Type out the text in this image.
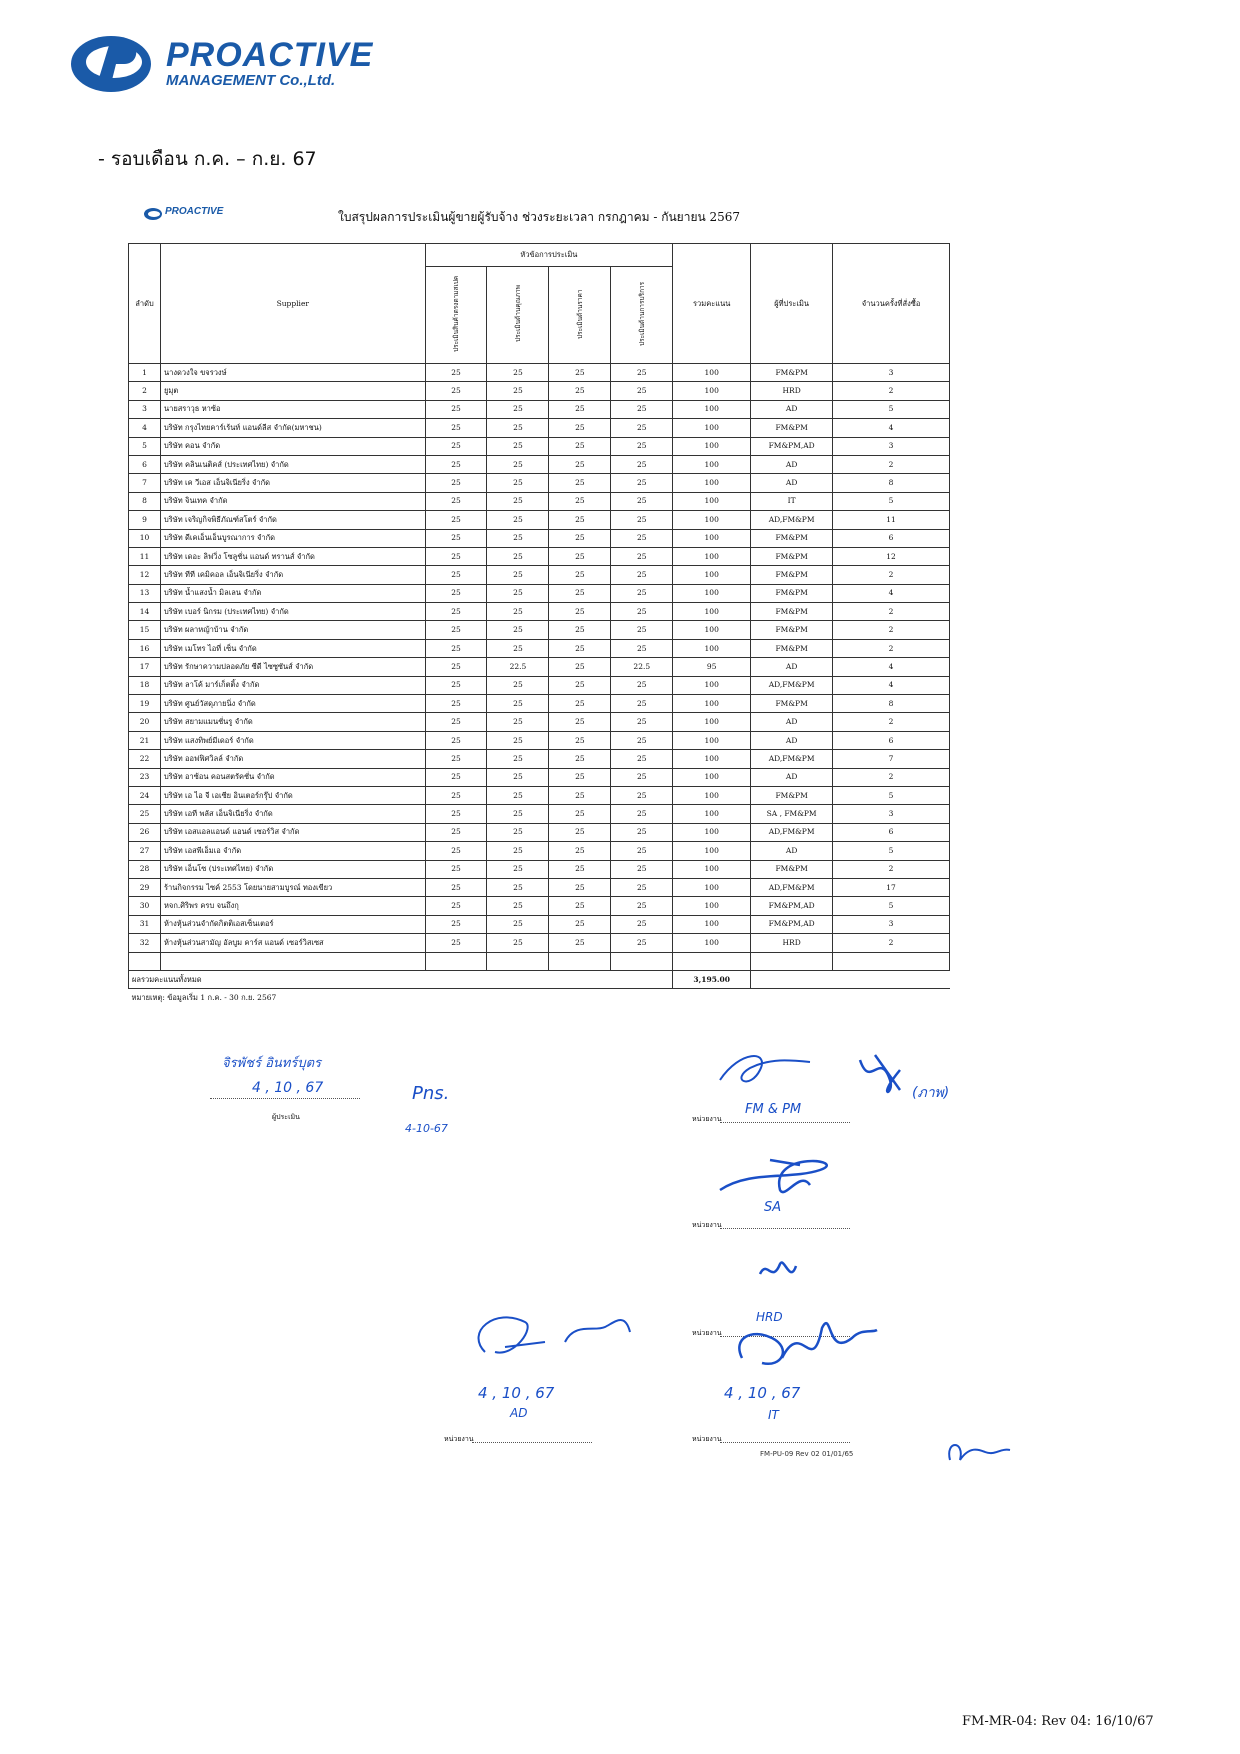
PROACTIVE
MANAGEMENT Co.,Ltd.
- รอบเดือน ก.ค. – ก.ย. 67
PROACTIVE	ใบสรุปผลการประเมินผู้ขายผู้รับจ้าง ช่วงระยะเวลา กรกฎาคม - กันยายน 2567
ลำดับ	Supplier	หัวข้อการประเมิน				รวมคะแนน	ผู้ที่ประเมิน	จำนวนครั้งที่สั่งซื้อ
		ประเมินสินค้าตรงตามสเปค	ประเมินด้านคุณภาพ	ประเมินด้านราคา	ประเมินด้านการบริการ			
1	นางดวงใจ ขจรวงษ์	25	25	25	25	100	FM&PM	3
2	ยูมุต	25	25	25	25	100	HRD	2
3	นายสราวุธ หาซ้อ	25	25	25	25	100	AD	5
4	บริษัท กรุงไทยคาร์เร้นท์ แอนด์ลีส จำกัด(มหาชน)	25	25	25	25	100	FM&PM	4
5	บริษัท คอน จำกัด	25	25	25	25	100	FM&PM,AD	3
6	บริษัท คลินเนติคส์ (ประเทศไทย) จำกัด	25	25	25	25	100	AD	2
7	บริษัท เค วีเอส เอ็นจิเนียริ่ง จำกัด	25	25	25	25	100	AD	8
8	บริษัท จินเทค จำกัด	25	25	25	25	100	IT	5
9	บริษัท เจริญกิจพิธีภัณฑ์สโตร์ จำกัด	25	25	25	25	100	AD,FM&PM	11
10	บริษัท ดีเคเอ็นเอ็นบูรณาการ จำกัด	25	25	25	25	100	FM&PM	6
11	บริษัท เดอะ ลิฟวิ่ง โซลูชั่น แอนด์ ทรานส์ จำกัด	25	25	25	25	100	FM&PM	12
12	บริษัท ทีที เคมิคอล เอ็นจิเนียริ่ง จำกัด	25	25	25	25	100	FM&PM	2
13	บริษัท น้ำแสงน้ำ มิลเลน จำกัด	25	25	25	25	100	FM&PM	4
14	บริษัท เบอร์ นิกรม (ประเทศไทย) จำกัด	25	25	25	25	100	FM&PM	2
15	บริษัท ผลาหญ้าบ้าน จำกัด	25	25	25	25	100	FM&PM	2
16	บริษัท เมโทร ไอที่ เซ็น จำกัด	25	25	25	25	100	FM&PM	2
17	บริษัท รักษาความปลอดภัย ซีดี ไซซูซันส์ จำกัด	25	22.5	25	22.5	95	AD	4
18	บริษัท ลาโค้ มาร์เก็ตติ้ง จำกัด	25	25	25	25	100	AD,FM&PM	4
19	บริษัท ศูนย์วัสดุภายนิ่ง จำกัด	25	25	25	25	100	FM&PM	8
20	บริษัท สยามแมนชั่นรู จำกัด	25	25	25	25	100	AD	2
21	บริษัท แสงทิพย์มีเดอร์ จำกัด	25	25	25	25	100	AD	6
22	บริษัท ออฟฟิศวิลล์ จำกัด	25	25	25	25	100	AD,FM&PM	7
23	บริษัท อาซ้อน คอนสตรัคชั่น จำกัด	25	25	25	25	100	AD	2
24	บริษัท เอ ไอ จี เอเซีย อินเตอร์กรุ๊ป จำกัด	25	25	25	25	100	FM&PM	5
25	บริษัท เอที พลัส เอ็นจิเนียริ่ง จำกัด	25	25	25	25	100	SA , FM&PM	3
26	บริษัท เอสแอลแอนด์ แอนด์ เซอร์วิส จำกัด	25	25	25	25	100	AD,FM&PM	6
27	บริษัท เอสพีเอ็มเอ จำกัด	25	25	25	25	100	AD	5
28	บริษัท เอ็นโซ (ประเทศไทย) จำกัด	25	25	25	25	100	FM&PM	2
29	ร้านกิจกรรม ไซค์ 2553 โดยนายสามบูรณ์ ทองเขียว	25	25	25	25	100	AD,FM&PM	17
30	หจก.ศิริพร ครบ จนถึงกุ	25	25	25	25	100	FM&PM,AD	5
31	ห้างหุ้นส่วนจำกัดกิตติเอสเซ็นเตอร์	25	25	25	25	100	FM&PM,AD	3
32	ห้างหุ้นส่วนสามัญ อัลบูม คาร์ส แอนด์ เซอร์วิสเซส	25	25	25	25	100	HRD	2

ผลรวมคะแนนทั้งหมด						3,195.00		
หมายเหตุ: ข้อมูลเริ่ม 1 ก.ค. - 30 ก.ย. 2567								
จิรพัชร์ อินทร์บุตร
4 , 10 , 67
ผู้ประเมิน
Pns.
4-10-67
(ภาพ)
หน่วยงาน
FM & PM
SA
หน่วยงาน
HRD
หน่วยงาน
4 , 10 , 67
AD
หน่วยงาน
4 , 10 , 67
IT
หน่วยงาน
FM-PU-09 Rev 02 01/01/65
FM-MR-04: Rev 04: 16/10/67
